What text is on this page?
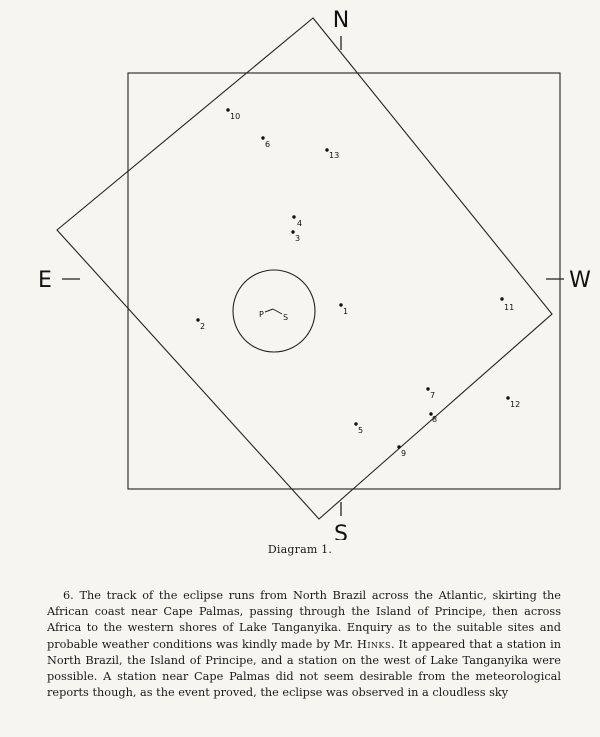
N
S
E	W
P S
10
6
13
4
3
1
2
11
7
12
8
5
9
Diagram 1.

6. The track of the eclipse runs from North Brazil across the Atlantic, skirting the African coast near Cape Palmas, passing through the Island of Principe, then across Africa to the western shores of Lake Tanganyika. Enquiry as to the suitable sites and probable weather conditions was kindly made by Mr. Hinks. It appeared that a station in North Brazil, the Island of Principe, and a station on the west of Lake Tanganyika were possible. A station near Cape Palmas did not seem desirable from the meteorological reports though, as the event proved, the eclipse was observed in a cloudless sky
